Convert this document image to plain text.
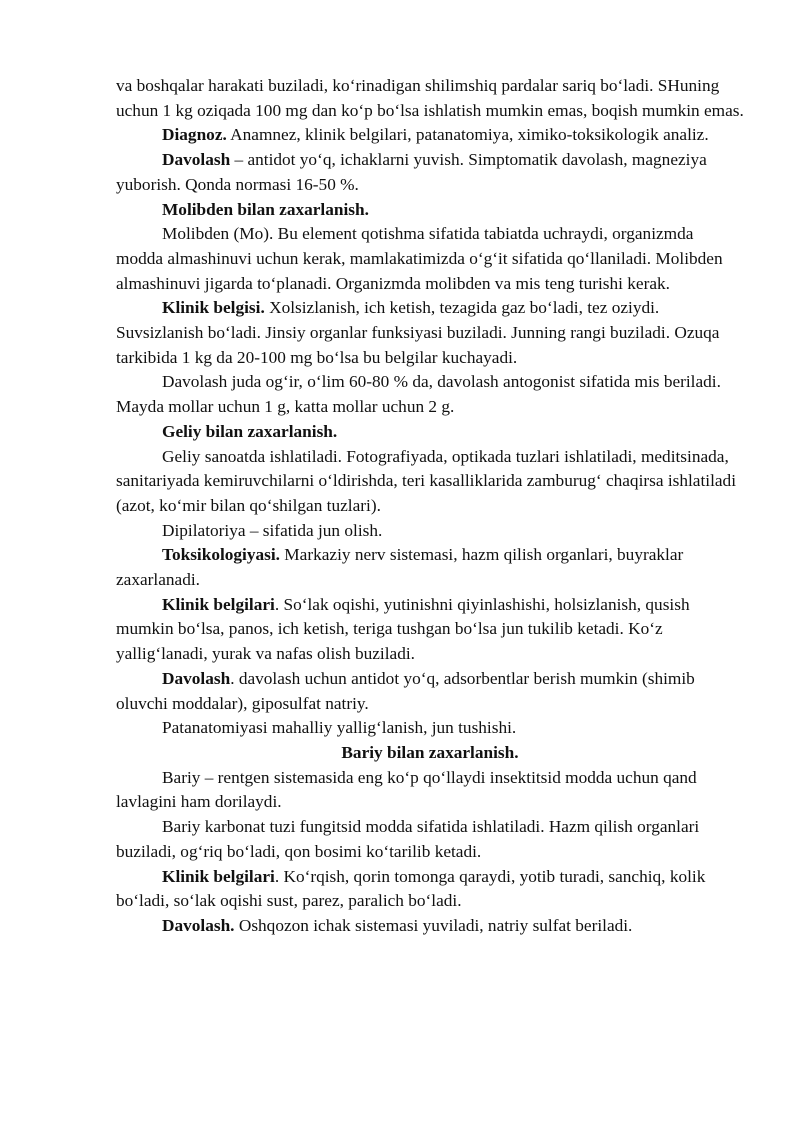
va boshqalar harakati buziladi, ko‘rinadigan shilimshiq pardalar sariq bo‘ladi. SHuning uchun 1 kg oziqada 100 mg dan ko‘p bo‘lsa ishlatish mumkin emas, boqish mumkin emas.

Diagnoz. Anamnez, klinik belgilari, patanatomiya, ximiko-toksikologik analiz.

Davolash – antidot yo‘q, ichaklarni yuvish. Simptomatik davolash, magneziya yuborish. Qonda normasi 16-50 %.

Molibden bilan zaxarlanish.

Molibden (Mo). Bu element qotishma sifatida tabiatda uchraydi, organizmda modda almashinuvi uchun kerak, mamlakatimizda o‘g‘it sifatida qo‘llaniladi. Molibden almashinuvi jigarda to‘planadi. Organizmda molibden va mis teng turishi kerak.

Klinik belgisi. Xolsizlanish, ich ketish, tezagida gaz bo‘ladi, tez oziydi. Suvsizlanish bo‘ladi. Jinsiy organlar funksiyasi buziladi. Junning rangi buziladi. Ozuqa tarkibida 1 kg da 20-100 mg bo‘lsa bu belgilar kuchayadi.

Davolash juda og‘ir, o‘lim 60-80 % da, davolash antogonist sifatida mis beriladi. Mayda mollar uchun 1 g, katta mollar uchun 2 g.

Geliy bilan zaxarlanish.

Geliy sanoatda ishlatiladi. Fotografiyada, optikada tuzlari ishlatiladi, meditsinada, sanitariyada kemiruvchilarni o‘ldirishda, teri kasalliklarida zamburug‘ chaqirsa ishlatiladi (azot, ko‘mir bilan qo‘shilgan tuzlari).

Dipilatoriya – sifatida jun olish.

Toksikologiyasi. Markaziy nerv sistemasi, hazm qilish organlari, buyraklar zaxarlanadi.

Klinik belgilari. So‘lak oqishi, yutinishni qiyinlashishi, holsizlanish, qusish mumkin bo‘lsa, panos, ich ketish, teriga tushgan bo‘lsa jun tukilib ketadi. Ko‘z yallig‘lanadi, yurak va nafas olish buziladi.

Davolash. davolash uchun antidot yo‘q, adsorbentlar berish mumkin (shimib oluvchi moddalar), giposulfat natriy.

Patanatomiyasi mahalliy yallig‘lanish, jun tushishi.

Bariy bilan zaxarlanish.

Bariy – rentgen sistemasida eng ko‘p qo‘llaydi insektitsid modda uchun qand lavlagini ham dorilaydi.

Bariy karbonat tuzi fungitsid modda sifatida ishlatiladi. Hazm qilish organlari buziladi, og‘riq bo‘ladi, qon bosimi ko‘tarilib ketadi.

Klinik belgilari. Ko‘rqish, qorin tomonga qaraydi, yotib turadi, sanchiq, kolik bo‘ladi, so‘lak oqishi sust, parez, paralich bo‘ladi.

Davolash. Oshqozon ichak sistemasi yuviladi, natriy sulfat beriladi.
